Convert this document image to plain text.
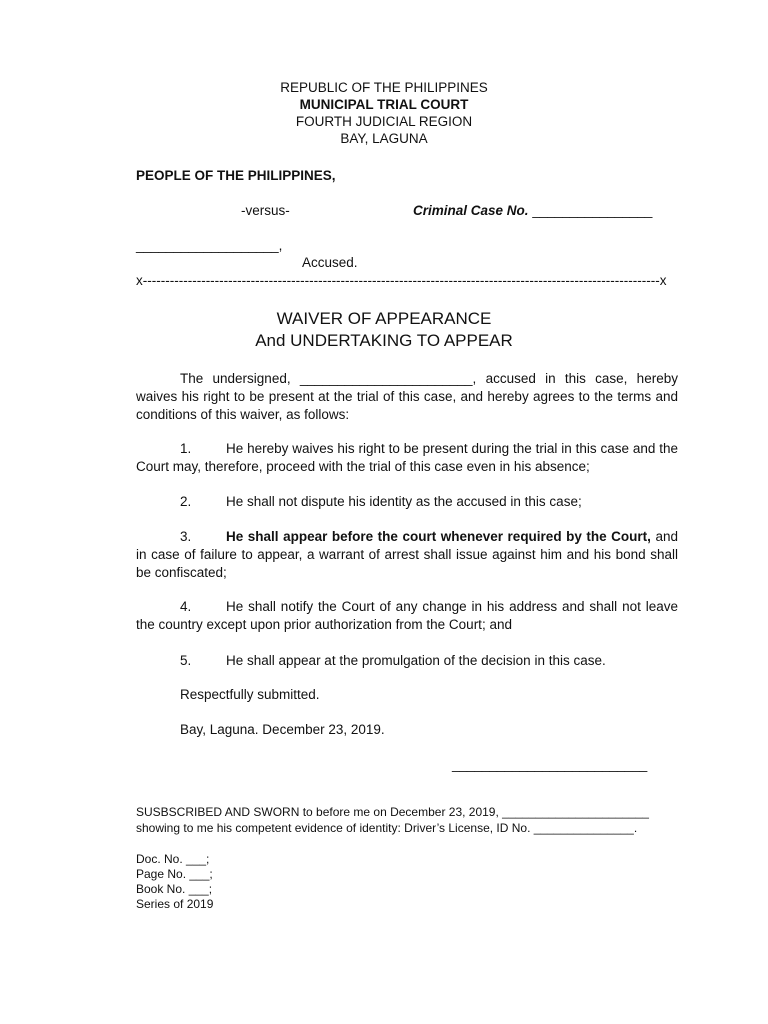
REPUBLIC OF THE PHILIPPINES
MUNICIPAL TRIAL COURT
FOURTH JUDICIAL REGION
BAY, LAGUNA
PEOPLE OF THE PHILIPPINES,
-versus-	Criminal Case No. ________________
___________________,
Accused.
x-------------------------------------------------------------------------------------------------------------------x
WAIVER OF APPEARANCE
And UNDERTAKING TO APPEAR
The undersigned, _______________________, accused in this case, hereby waives his right to be present at the trial of this case, and hereby agrees to the terms and conditions of this waiver, as follows:
1.	He hereby waives his right to be present during the trial in this case and the Court may, therefore, proceed with the trial of this case even in his absence;
2.	He shall not dispute his identity as the accused in this case;
3.	He shall appear before the court whenever required by the Court, and in case of failure to appear, a warrant of arrest shall issue against him and his bond shall be confiscated;
4.	He shall notify the Court of any change in his address and shall not leave the country except upon prior authorization from the Court; and
5.	He shall appear at the promulgation of the decision in this case.
Respectfully submitted.
Bay, Laguna. December 23, 2019.
__________________________
SUSBSCRIBED AND SWORN to before me on December 23, 2019, ______________________
showing to me his competent evidence of identity: Driver’s License, ID No. _______________.
Doc. No. ___;
Page No. ___;
Book No. ___;
Series of 2019
